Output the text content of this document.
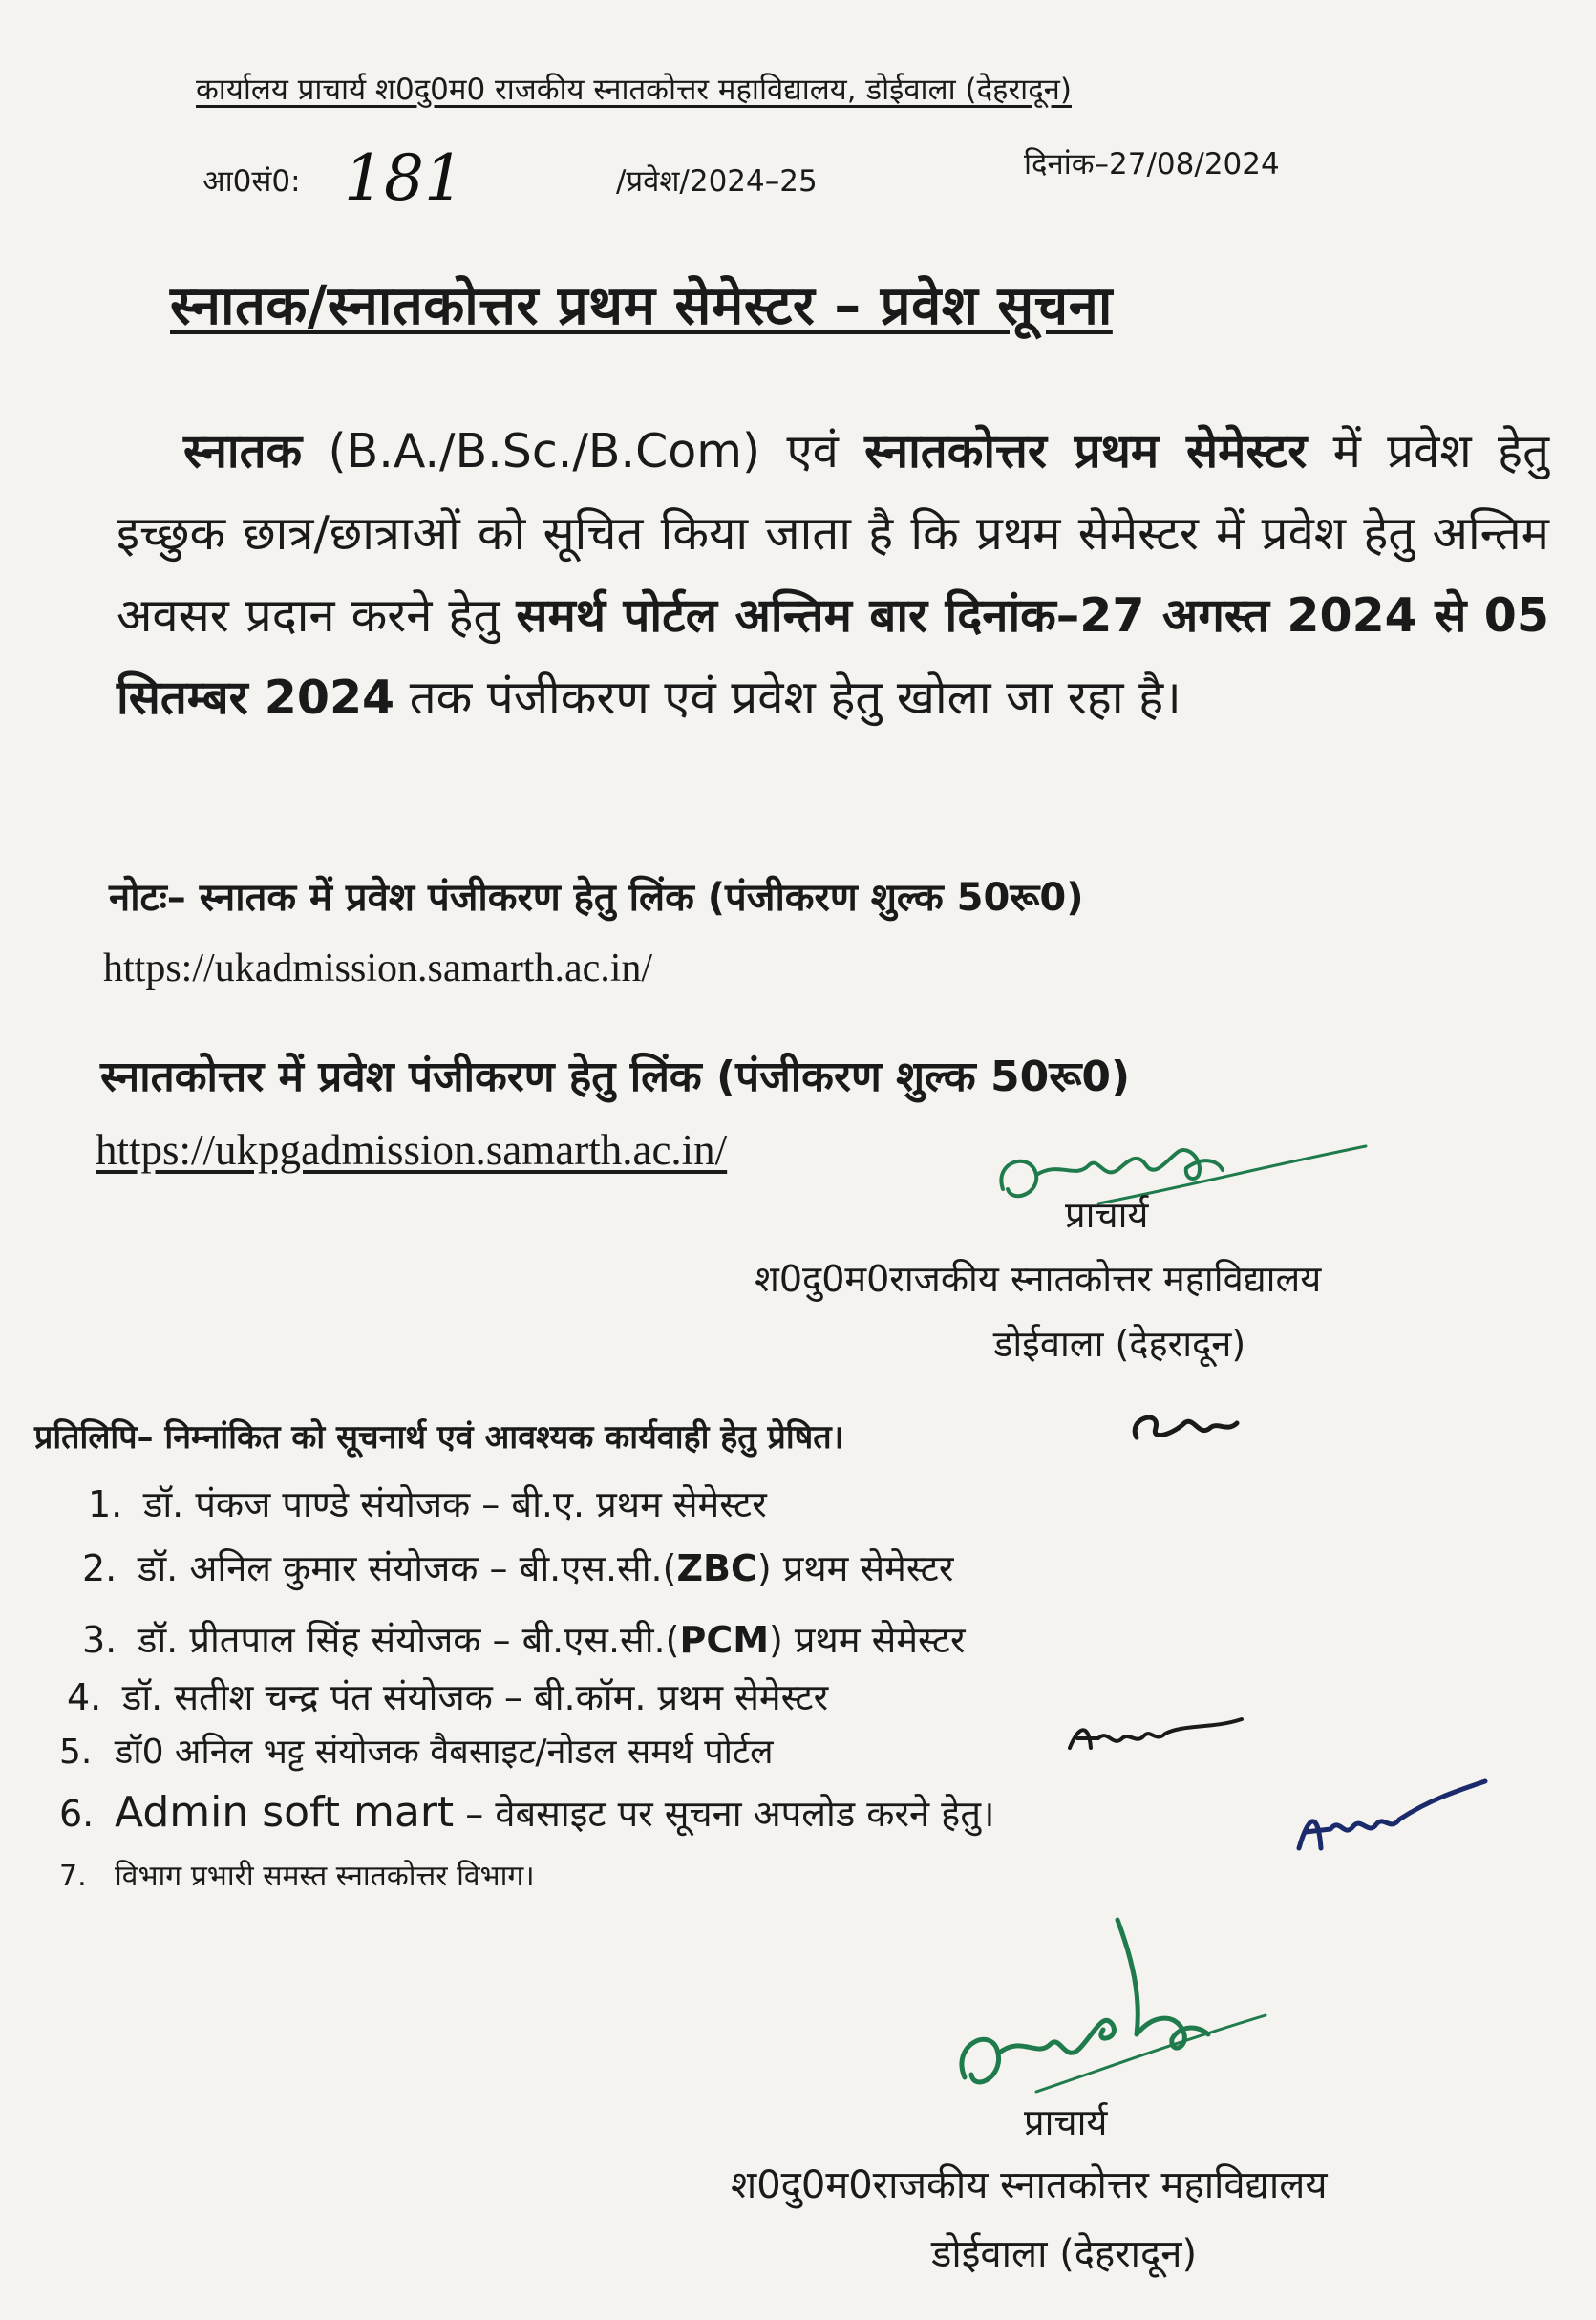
कार्यालय प्राचार्य श0दु0म0 राजकीय स्नातकोत्तर महाविद्यालय, डोईवाला (देहरादून)
आ0सं0: 181	/प्रवेश/2024–25	दिनांक–27/08/2024
स्नातक/स्नातकोत्तर प्रथम सेमेस्टर – प्रवेश सूचना
स्नातक (B.A./B.Sc./B.Com) एवं स्नातकोत्तर प्रथम सेमेस्टर में प्रवेश हेतु इच्छुक छात्र/छात्राओं को सूचित किया जाता है कि प्रथम सेमेस्टर में प्रवेश हेतु अन्तिम अवसर प्रदान करने हेतु समर्थ पोर्टल अन्तिम बार दिनांक–27 अगस्त 2024 से 05 सितम्बर 2024 तक पंजीकरण एवं प्रवेश हेतु खोला जा रहा है।
नोटः– स्नातक में प्रवेश पंजीकरण हेतु लिंक (पंजीकरण शुल्क 50रू0)
https://ukadmission.samarth.ac.in/
स्नातकोत्तर में प्रवेश पंजीकरण हेतु लिंक (पंजीकरण शुल्क 50रू0)
https://ukpgadmission.samarth.ac.in/
प्राचार्य
श0दु0म0राजकीय स्नातकोत्तर महाविद्यालय
डोईवाला (देहरादून)
प्रतिलिपि– निम्नांकित को सूचनार्थ एवं आवश्यक कार्यवाही हेतु प्रेषित।
1. डॉ. पंकज पाण्डे संयोजक – बी.ए. प्रथम सेमेस्टर
2. डॉ. अनिल कुमार संयोजक – बी.एस.सी.(ZBC) प्रथम सेमेस्टर
3. डॉ. प्रीतपाल सिंह संयोजक – बी.एस.सी.(PCM) प्रथम सेमेस्टर
4. डॉ. सतीश चन्द्र पंत संयोजक – बी.कॉम. प्रथम सेमेस्टर
5. डॉ0 अनिल भट्ट संयोजक वैबसाइट/नोडल समर्थ पोर्टल
6. Admin soft mart – वेबसाइट पर सूचना अपलोड करने हेतु।
7. विभाग प्रभारी समस्त स्नातकोत्तर विभाग।
प्राचार्य
श0दु0म0राजकीय स्नातकोत्तर महाविद्यालय
डोईवाला (देहरादून)
